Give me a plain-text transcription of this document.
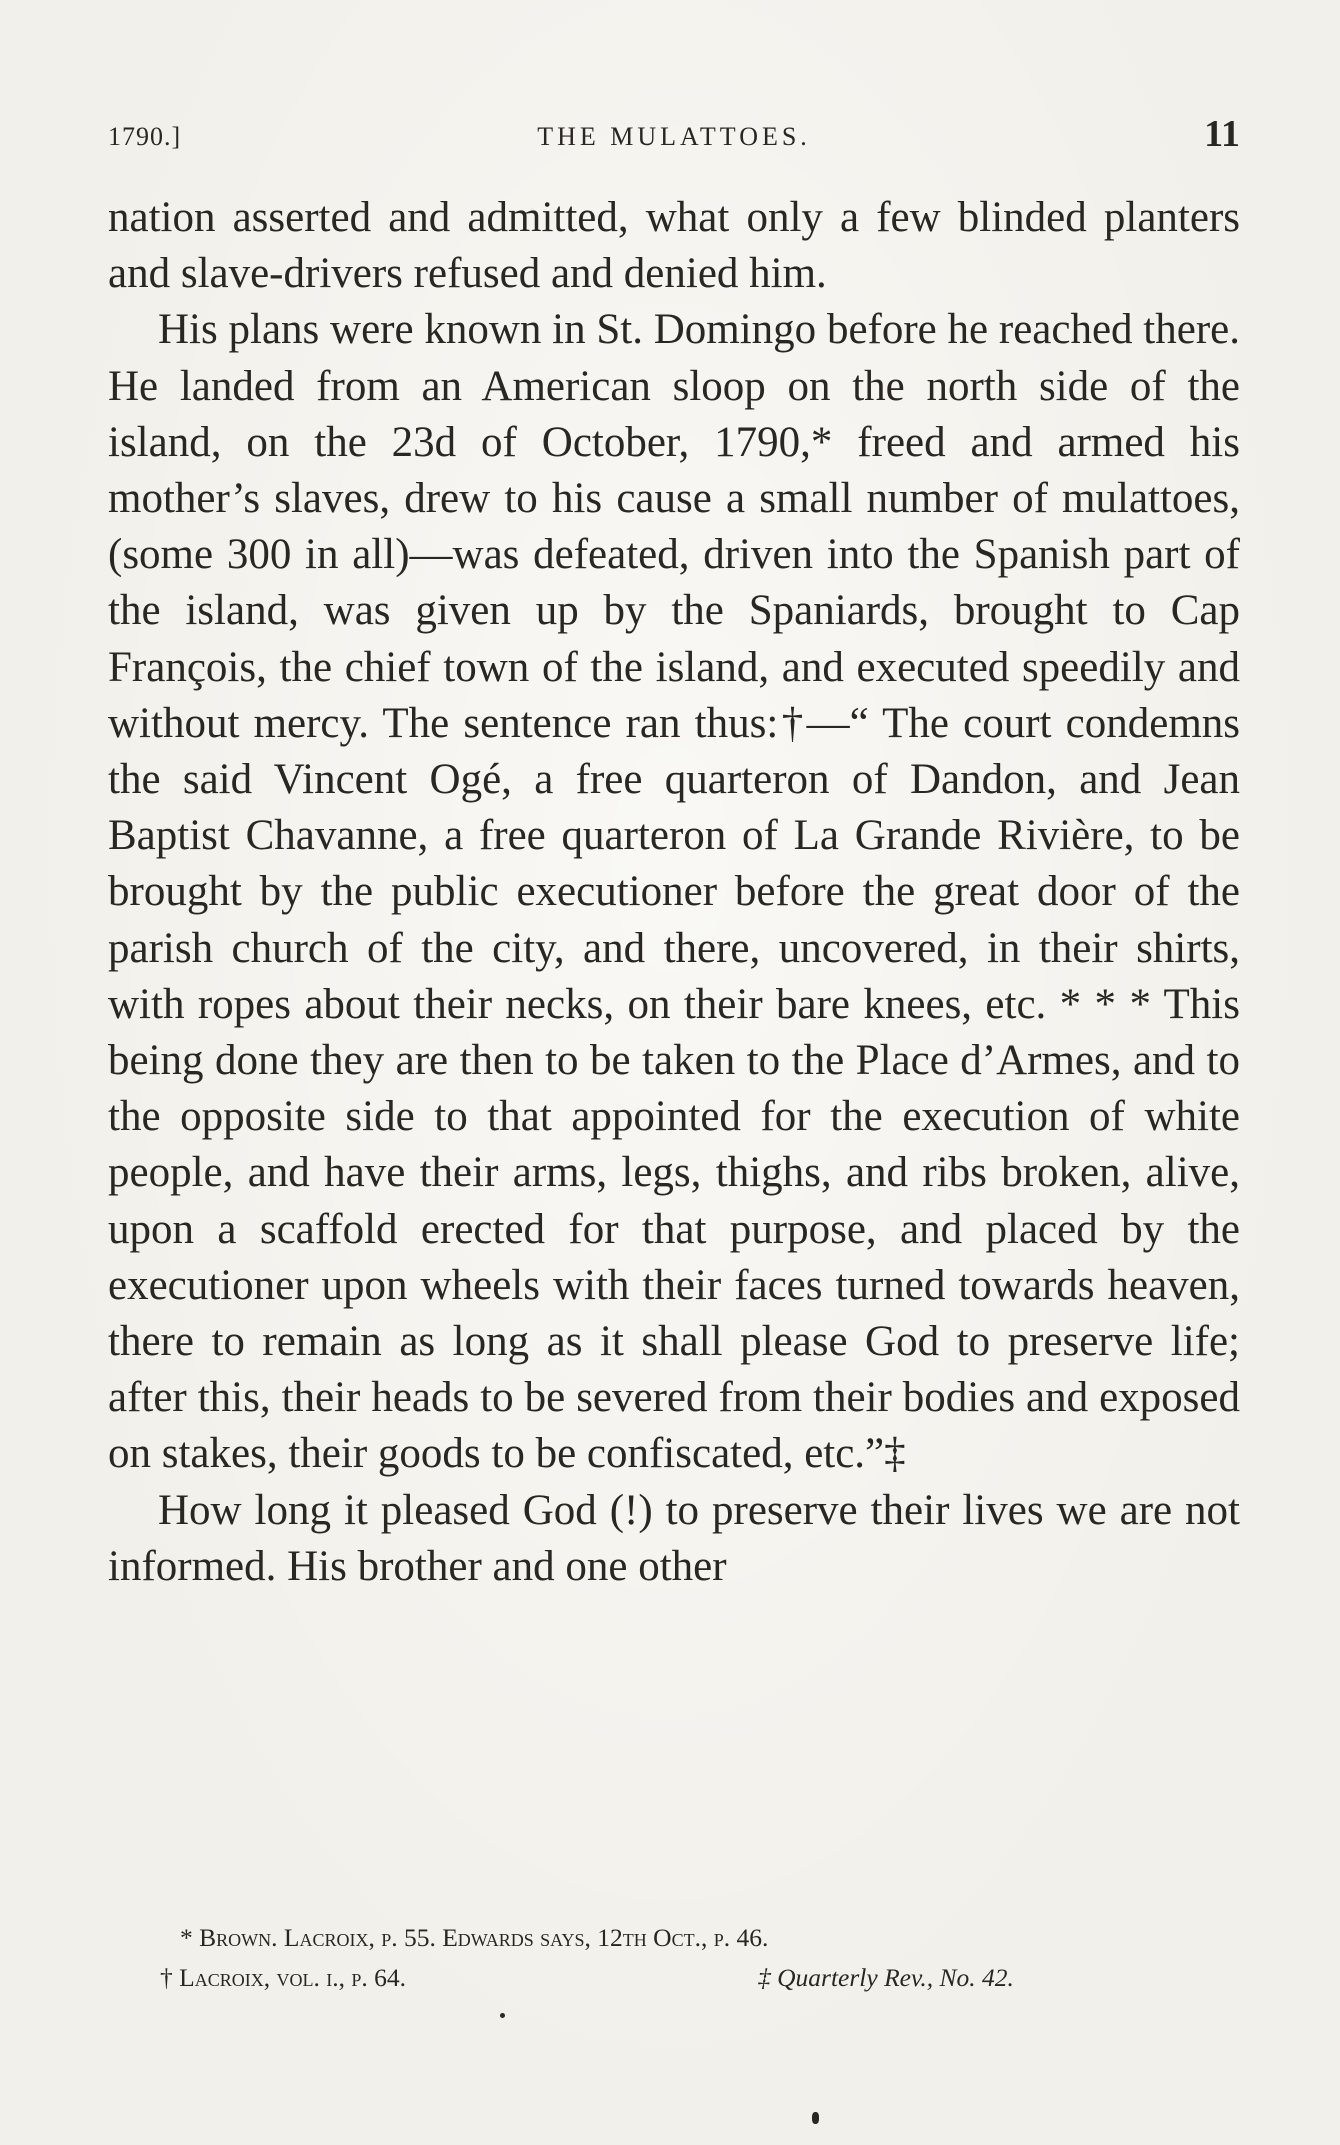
1790.]	THE MULATTOES.	11

nation asserted and admitted, what only a few blinded planters and slave-drivers refused and denied him.

His plans were known in St. Domingo before he reached there. He landed from an American sloop on the north side of the island, on the 23d of October, 1790,* freed and armed his mother’s slaves, drew to his cause a small number of mulattoes, (some 300 in all)—was defeated, driven into the Spanish part of the island, was given up by the Spaniards, brought to Cap François, the chief town of the island, and executed speedily and without mercy. The sentence ran thus:†—“ The court condemns the said Vincent Ogé, a free quarteron of Dandon, and Jean Baptist Chavanne, a free quarteron of La Grande Rivière, to be brought by the public executioner before the great door of the parish church of the city, and there, uncovered, in their shirts, with ropes about their necks, on their bare knees, etc. * * * This being done they are then to be taken to the Place d’Armes, and to the opposite side to that appointed for the execution of white people, and have their arms, legs, thighs, and ribs broken, alive, upon a scaffold erected for that purpose, and placed by the executioner upon wheels with their faces turned towards heaven, there to remain as long as it shall please God to preserve life; after this, their heads to be severed from their bodies and exposed on stakes, their goods to be confiscated, etc.”‡

How long it pleased God (!) to preserve their lives we are not informed. His brother and one other

* Brown. Lacroix, p. 55. Edwards says, 12th Oct., p. 46.
† Lacroix, vol. i., p. 64.	‡ Quarterly Rev., No. 42.
